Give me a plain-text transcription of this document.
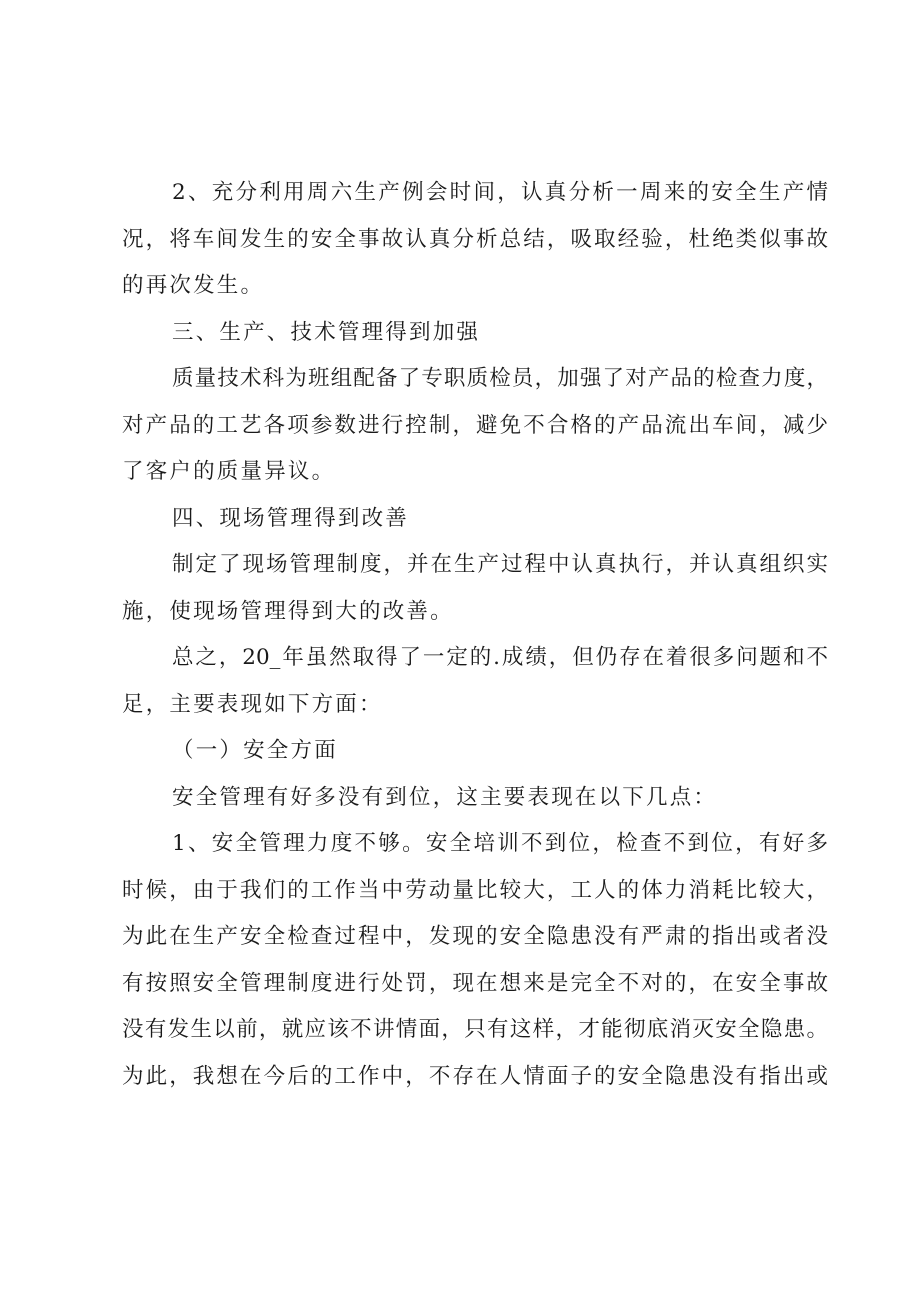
2、充分利用周六生产例会时间，认真分析一周来的安全生产情
况，将车间发生的安全事故认真分析总结，吸取经验，杜绝类似事故
的再次发生。
三、生产、技术管理得到加强
质量技术科为班组配备了专职质检员，加强了对产品的检查力度，
对产品的工艺各项参数进行控制，避免不合格的产品流出车间，减少
了客户的质量异议。
四、现场管理得到改善
制定了现场管理制度，并在生产过程中认真执行，并认真组织实
施，使现场管理得到大的改善。
总之，20_年虽然取得了一定的.成绩，但仍存在着很多问题和不
足，主要表现如下方面：
（一）安全方面
安全管理有好多没有到位，这主要表现在以下几点：
1、安全管理力度不够。安全培训不到位，检查不到位，有好多
时候，由于我们的工作当中劳动量比较大，工人的体力消耗比较大，
为此在生产安全检查过程中，发现的安全隐患没有严肃的指出或者没
有按照安全管理制度进行处罚，现在想来是完全不对的，在安全事故
没有发生以前，就应该不讲情面，只有这样，才能彻底消灭安全隐患。
为此，我想在今后的工作中，不存在人情面子的安全隐患没有指出或
